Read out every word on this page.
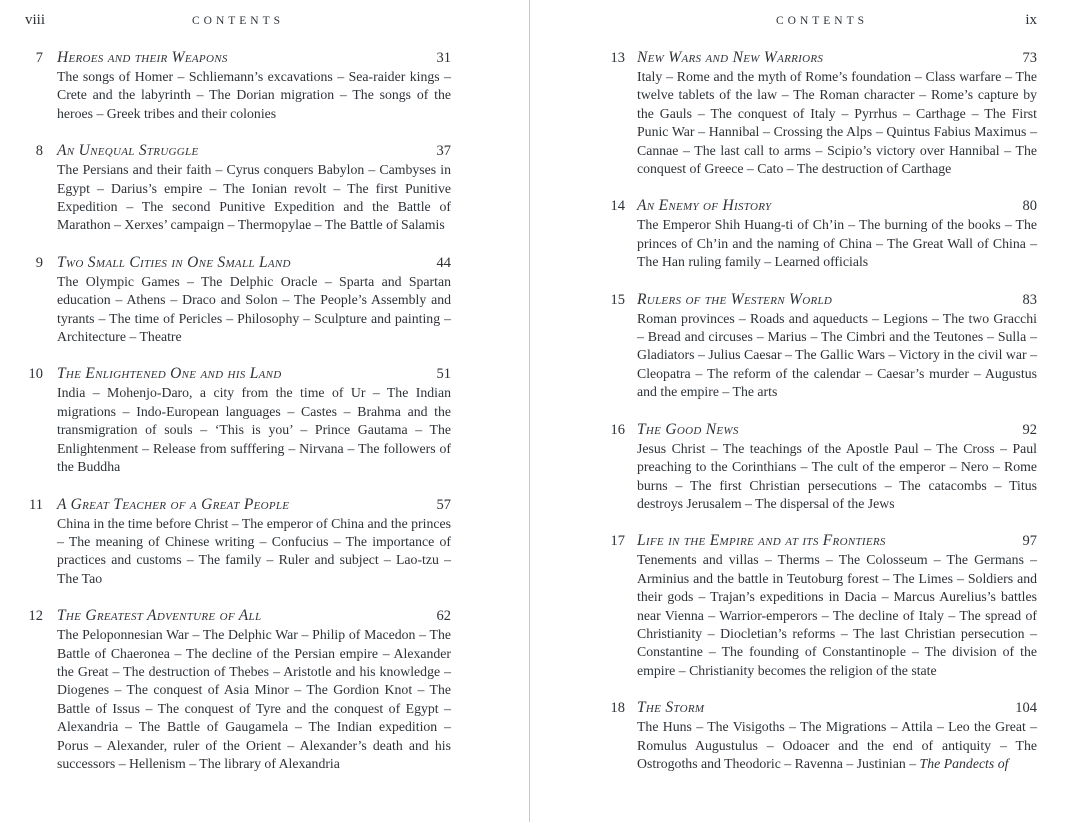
viii	CONTENTS
7 Heroes and their Weapons	31

The songs of Homer – Schliemann’s excavations – Sea-raider kings – Crete and the labyrinth – The Dorian migration – The songs of the heroes – Greek tribes and their colonies

8 An Unequal Struggle	37

The Persians and their faith – Cyrus conquers Babylon – Cambyses in Egypt – Darius’s empire – The Ionian revolt – The first Punitive Expedition – The second Punitive Expedition and the Battle of Marathon – Xerxes’ campaign – Thermopylae – The Battle of Salamis

9 Two Small Cities in One Small Land	44

The Olympic Games – The Delphic Oracle – Sparta and Spartan education – Athens – Draco and Solon – The People’s Assembly and tyrants – The time of Pericles – Philosophy – Sculpture and painting – Architecture – Theatre

10 The Enlightened One and his Land	51

India – Mohenjo-Daro, a city from the time of Ur – The Indian migrations – Indo-European languages – Castes – Brahma and the transmigration of souls – ‘This is you’ – Prince Gautama – The Enlightenment – Release from sufffering – Nirvana – The followers of the Buddha

11 A Great Teacher of a Great People	57

China in the time before Christ – The emperor of China and the princes – The meaning of Chinese writing – Confucius – The importance of practices and customs – The family – Ruler and subject – Lao-tzu – The Tao

12 The Greatest Adventure of All	62

The Peloponnesian War – The Delphic War – Philip of Macedon – The Battle of Chaeronea – The decline of the Persian empire – Alexander the Great – The destruction of Thebes – Aristotle and his knowledge – Diogenes – The conquest of Asia Minor – The Gordion Knot – The Battle of Issus – The conquest of Tyre and the conquest of Egypt – Alexandria – The Battle of Gaugamela – The Indian expedition – Porus – Alexander, ruler of the Orient – Alexander’s death and his successors – Hellenism – The library of Alexandria

CONTENTS	ix
13 New Wars and New Warriors	73

Italy – Rome and the myth of Rome’s foundation – Class warfare – The twelve tablets of the law – The Roman character – Rome’s capture by the Gauls – The conquest of Italy – Pyrrhus – Carthage – The First Punic War – Hannibal – Crossing the Alps – Quintus Fabius Maximus – Cannae – The last call to arms – Scipio’s victory over Hannibal – The conquest of Greece – Cato – The destruction of Carthage

14 An Enemy of History	80

The Emperor Shih Huang-ti of Ch’in – The burning of the books – The princes of Ch’in and the naming of China – The Great Wall of China – The Han ruling family – Learned officials

15 Rulers of the Western World	83

Roman provinces – Roads and aqueducts – Legions – The two Gracchi – Bread and circuses – Marius – The Cimbri and the Teutones – Sulla – Gladiators – Julius Caesar – The Gallic Wars – Victory in the civil war – Cleopatra – The reform of the calendar – Caesar’s murder – Augustus and the empire – The arts

16 The Good News	92

Jesus Christ – The teachings of the Apostle Paul – The Cross – Paul preaching to the Corinthians – The cult of the emperor – Nero – Rome burns – The first Christian persecutions – The catacombs – Titus destroys Jerusalem – The dispersal of the Jews

17 Life in the Empire and at its Frontiers	97

Tenements and villas – Therms – The Colosseum – The Germans – Arminius and the battle in Teutoburg forest – The Limes – Soldiers and their gods – Trajan’s expeditions in Dacia – Marcus Aurelius’s battles near Vienna – Warrior-emperors – The decline of Italy – The spread of Christianity – Diocletian’s reforms – The last Christian persecution – Constantine – The founding of Constantinople – The division of the empire – Christianity becomes the religion of the state

18 The Storm	104

The Huns – The Visigoths – The Migrations – Attila – Leo the Great – Romulus Augustulus – Odoacer and the end of antiquity – The Ostrogoths and Theodoric – Ravenna – Justinian – The Pandects of
